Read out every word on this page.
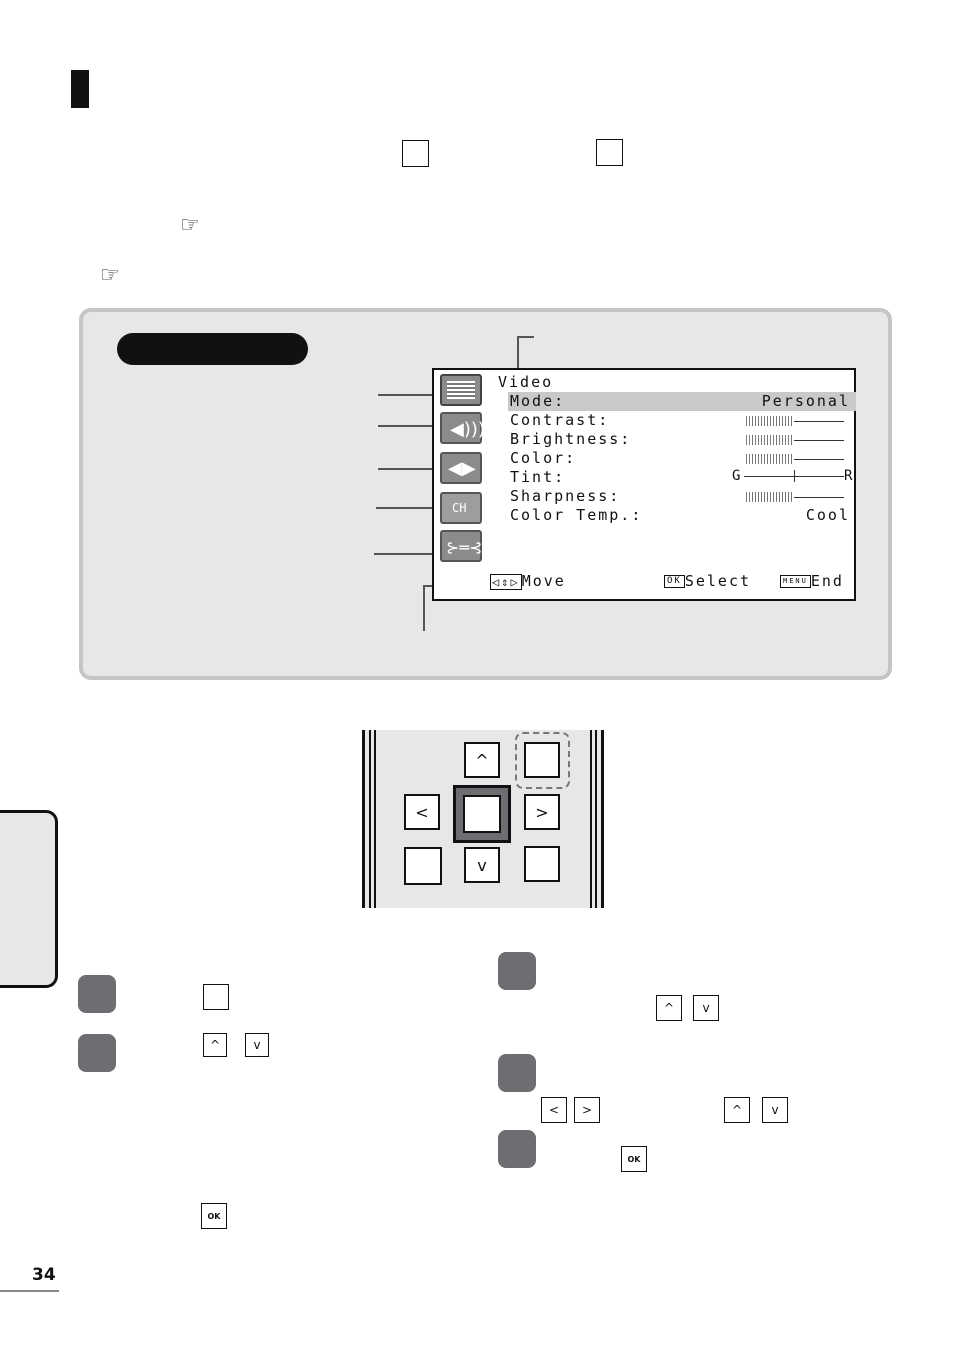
☞
☞
◀)))
◀▶
CH
⊱═⊰
Video
Mode:	Personal
Contrast:
Brightness:
Color:
Tint:	G	R
Sharpness:
Color Temp.:	Cool
◁⇕▷ Move	OK Select	MENU End
^
<	>
v
^	v
OK
^	v
<	>	^	v
OK
34
